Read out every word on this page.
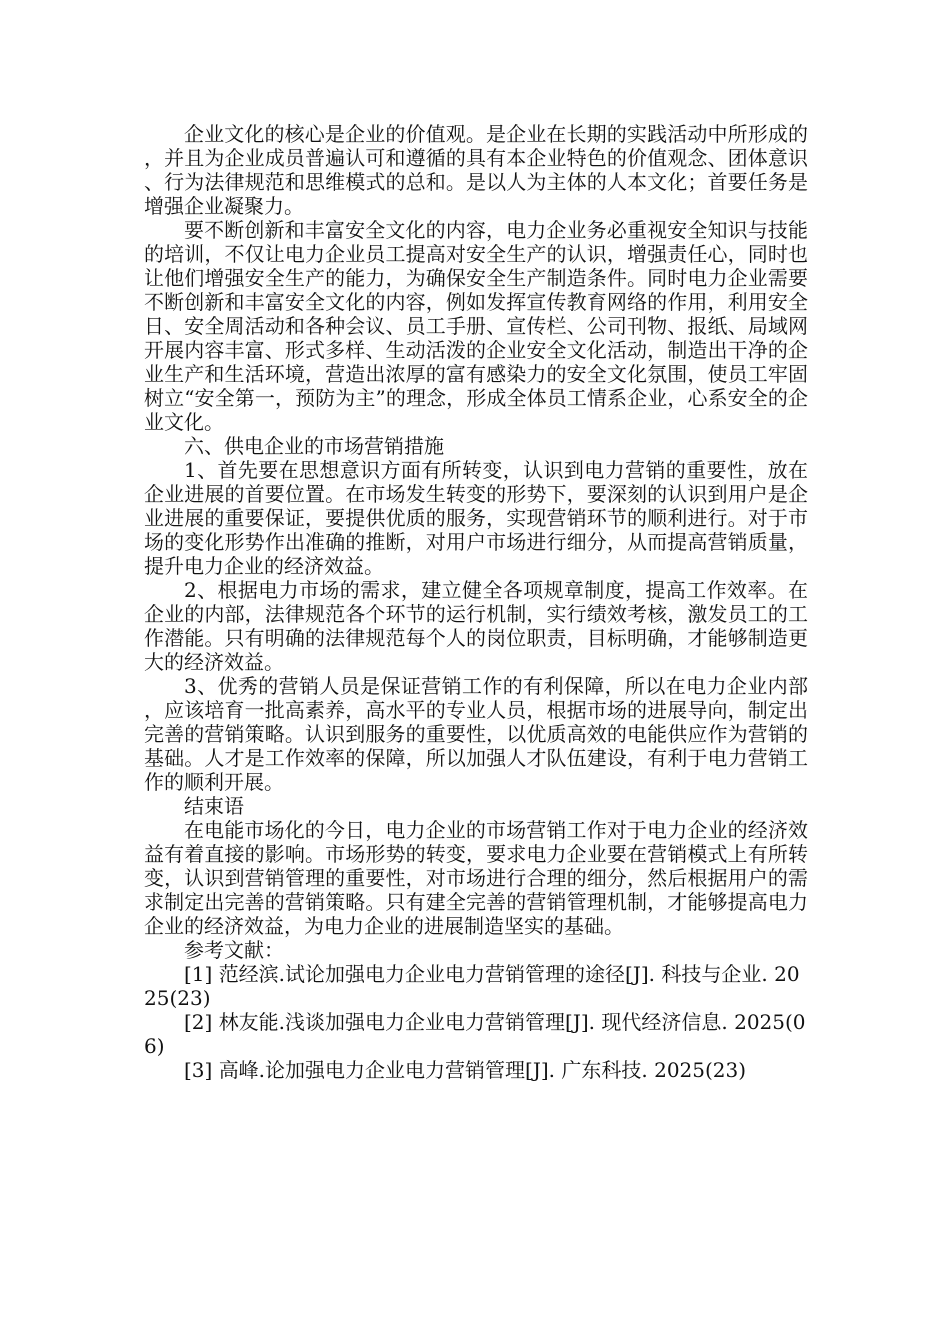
企业文化的核心是企业的价值观。是企业在长期的实践活动中所形成的，并且为企业成员普遍认可和遵循的具有本企业特色的价值观念、团体意识、行为法律规范和思维模式的总和。是以人为主体的人本文化；首要任务是增强企业凝聚力。

要不断创新和丰富安全文化的内容，电力企业务必重视安全知识与技能的培训，不仅让电力企业员工提高对安全生产的认识，增强责任心，同时也让他们增强安全生产的能力，为确保安全生产制造条件。同时电力企业需要不断创新和丰富安全文化的内容，例如发挥宣传教育网络的作用，利用安全日、安全周活动和各种会议、员工手册、宣传栏、公司刊物、报纸、局域网开展内容丰富、形式多样、生动活泼的企业安全文化活动，制造出干净的企业生产和生活环境，营造出浓厚的富有感染力的安全文化氛围，使员工牢固树立“安全第一，预防为主”的理念，形成全体员工情系企业，心系安全的企业文化。

六、供电企业的市场营销措施

1、首先要在思想意识方面有所转变，认识到电力营销的重要性，放在企业进展的首要位置。在市场发生转变的形势下，要深刻的认识到用户是企业进展的重要保证，要提供优质的服务，实现营销环节的顺利进行。对于市场的变化形势作出准确的推断，对用户市场进行细分，从而提高营销质量，提升电力企业的经济效益。

2、根据电力市场的需求，建立健全各项规章制度，提高工作效率。在企业的内部，法律规范各个环节的运行机制，实行绩效考核，激发员工的工作潜能。只有明确的法律规范每个人的岗位职责，目标明确，才能够制造更大的经济效益。

3、优秀的营销人员是保证营销工作的有利保障，所以在电力企业内部，应该培育一批高素养，高水平的专业人员，根据市场的进展导向，制定出完善的营销策略。认识到服务的重要性，以优质高效的电能供应作为营销的基础。人才是工作效率的保障，所以加强人才队伍建设，有利于电力营销工作的顺利开展。

结束语

在电能市场化的今日，电力企业的市场营销工作对于电力企业的经济效益有着直接的影响。市场形势的转变，要求电力企业要在营销模式上有所转变，认识到营销管理的重要性，对市场进行合理的细分，然后根据用户的需求制定出完善的营销策略。只有建全完善的营销管理机制，才能够提高电力企业的经济效益，为电力企业的进展制造坚实的基础。

参考文献：

[1] 范经滨.试论加强电力企业电力营销管理的途径[J]. 科技与企业. 2025(23)

[2] 林友能.浅谈加强电力企业电力营销管理[J]. 现代经济信息. 2025(06)

[3] 高峰.论加强电力企业电力营销管理[J]. 广东科技. 2025(23)
